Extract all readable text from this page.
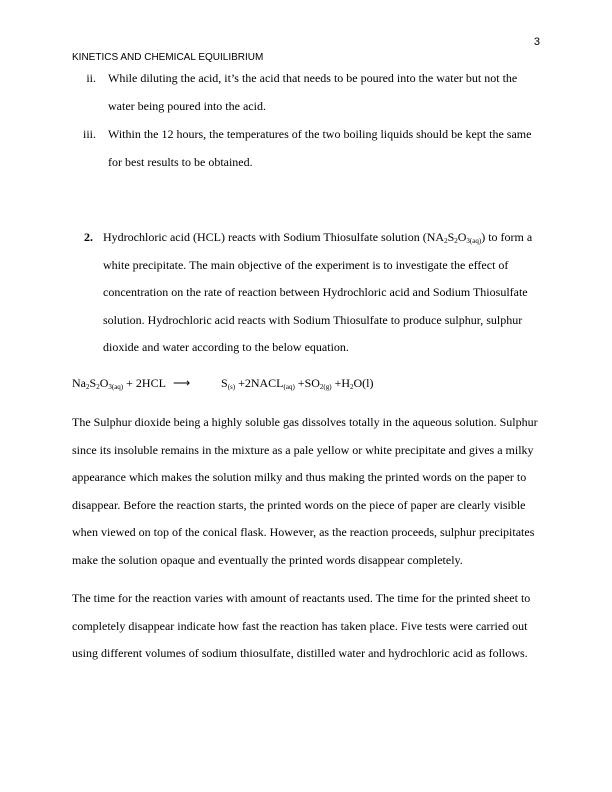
3
KINETICS AND CHEMICAL EQUILIBRIUM
ii. While diluting the acid, it’s the acid that needs to be poured into the water but not the water being poured into the acid.
iii. Within the 12 hours, the temperatures of the two boiling liquids should be kept the same for best results to be obtained.
2. Hydrochloric acid (HCL) reacts with Sodium Thiosulfate solution $(NA_2S_2O_{3(aq)})$ to form a white precipitate. The main objective of the experiment is to investigate the effect of concentration on the rate of reaction between Hydrochloric acid and Sodium Thiosulfate solution. Hydrochloric acid reacts with Sodium Thiosulfate to produce sulphur, sulphur dioxide and water according to the below equation.
$Na_2S_2O_{3(aq)} + 2HCL$ ⟶	$S_{(s)}$ $+2NACL_{(aq)} +SO_{2(g)} +H_2O(l)$

The Sulphur dioxide being a highly soluble gas dissolves totally in the aqueous solution. Sulphur since its insoluble remains in the mixture as a pale yellow or white precipitate and gives a milky appearance which makes the solution milky and thus making the printed words on the paper to disappear. Before the reaction starts, the printed words on the piece of paper are clearly visible when viewed on top of the conical flask. However, as the reaction proceeds, sulphur precipitates make the solution opaque and eventually the printed words disappear completely.

The time for the reaction varies with amount of reactants used. The time for the printed sheet to completely disappear indicate how fast the reaction has taken place. Five tests were carried out using different volumes of sodium thiosulfate, distilled water and hydrochloric acid as follows.
